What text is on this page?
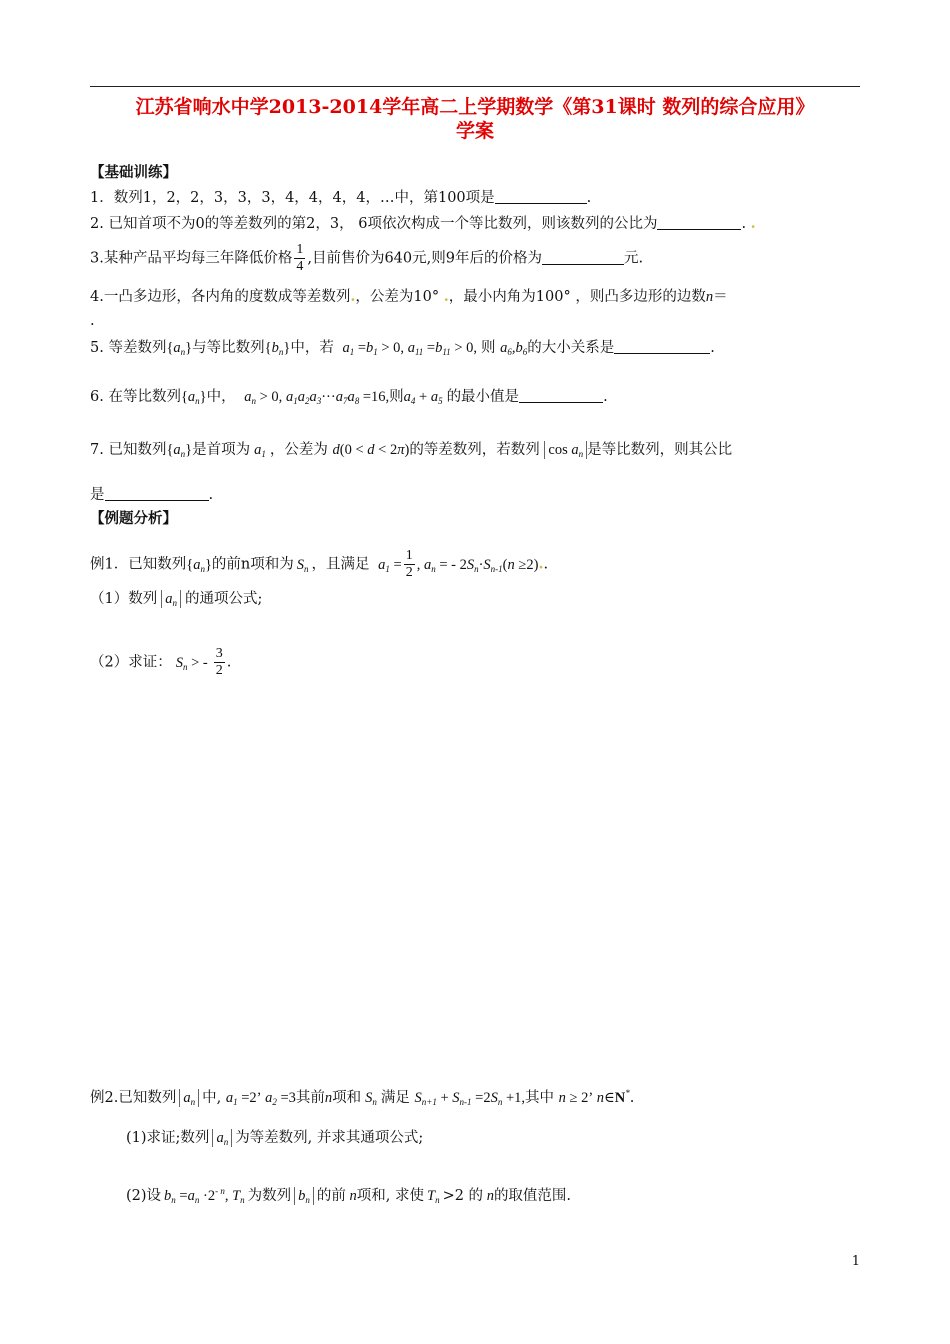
江苏省响水中学2013-2014学年高二上学期数学《第31课时 数列的综合应用》
学案
【基础训练】
1．数列1，2，2，3，3，3，4，4，4，4，…中，第100项是	.
2. 已知首项不为0的等差数列的第2，3， 6项依次构成一个等比数列，则该数列的公比为	. .
3.某种产品平均每三年降低价格 $\frac{1}{4}$ ,目前售价为640元,则9年后的价格为	元.
4.一凸多边形，各内角的度数成等差数列.，公差为10° .，最小内角为100° ，则凸多边形的边数n＝
.
5. 等差数列$\{a_n\}$与等比数列$\{b_n\}$中，若 $a_1 =b_1 > 0$, $a_{11} =b_{11} > 0$, 则 $a_6,b_6$的大小关系是	.
6. 在等比数列$\{a_n\}$中， $a_n > 0$, $a_1a_2a_3\cdot\cdot\cdot a_7a_8 =16$,则$a_4 + a_5$ 的最小值是	.
7. 已知数列$\{a_n\}$是首项为 $a_1$ ，公差为 d(0 < d < 2π)的等差数列，若数列 $\cos a_n$ 是等比数列，则其公比
是	.
【例题分析】
例1．已知数列$\{a_n\}$的前n项和为 $S_n$ ，且满足 $a_1 = \frac{1}{2}$ , $a_n$ = - $2S_n\cdot S_{n-1}(n \ge 2)$..
（1）数列 $a_n$ 的通项公式;
（2）求证： $S_n$ > - $\frac{3}{2}$ .
例2.已知数列 $a_n$ 中, $a_1 =2$’ $a_2 =3$其前n项和 $S_n$ 满足 $S_{n+1} + S_{n-1} =2S_n +1$,其中 n ≥ 2’ n∈N*.
(1)求证;数列 $a_n$ 为等差数列, 并求其通项公式;
(2)设 $b_n =a_n \cdot 2^{- n}$, $T_n$ 为数列 $b_n$ 的前 n项和, 求使 $T_n >2$ 的 n的取值范围.
1
